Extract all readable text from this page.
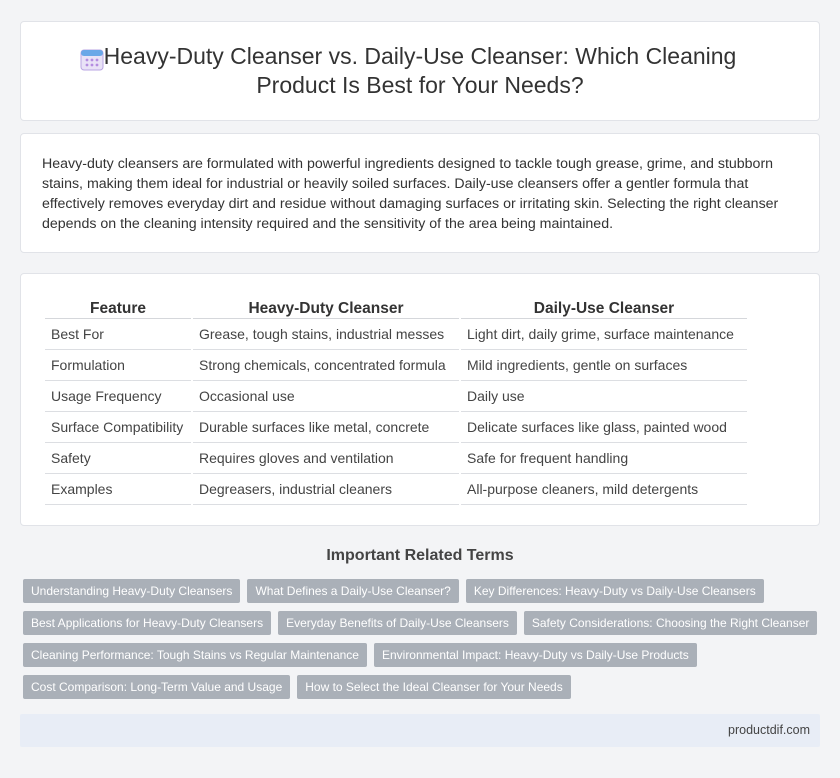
Heavy-Duty Cleanser vs. Daily-Use Cleanser: Which Cleaning Product Is Best for Your Needs?

Heavy-duty cleansers are formulated with powerful ingredients designed to tackle tough grease, grime, and stubborn stains, making them ideal for industrial or heavily soiled surfaces. Daily-use cleansers offer a gentler formula that effectively removes everyday dirt and residue without damaging surfaces or irritating skin. Selecting the right cleanser depends on the cleaning intensity required and the sensitivity of the area being maintained.

Feature	Heavy-Duty Cleanser	Daily-Use Cleanser
Best For	Grease, tough stains, industrial messes	Light dirt, daily grime, surface maintenance
Formulation	Strong chemicals, concentrated formula	Mild ingredients, gentle on surfaces
Usage Frequency	Occasional use	Daily use
Surface Compatibility	Durable surfaces like metal, concrete	Delicate surfaces like glass, painted wood
Safety	Requires gloves and ventilation	Safe for frequent handling
Examples	Degreasers, industrial cleaners	All-purpose cleaners, mild detergents
Important Related Terms
Understanding Heavy-Duty Cleansers	What Defines a Daily-Use Cleanser?	Key Differences: Heavy-Duty vs Daily-Use Cleansers
Best Applications for Heavy-Duty Cleansers	Everyday Benefits of Daily-Use Cleansers	Safety Considerations: Choosing the Right Cleanser
Cleaning Performance: Tough Stains vs Regular Maintenance	Environmental Impact: Heavy-Duty vs Daily-Use Products
Cost Comparison: Long-Term Value and Usage	How to Select the Ideal Cleanser for Your Needs
productdif.com
